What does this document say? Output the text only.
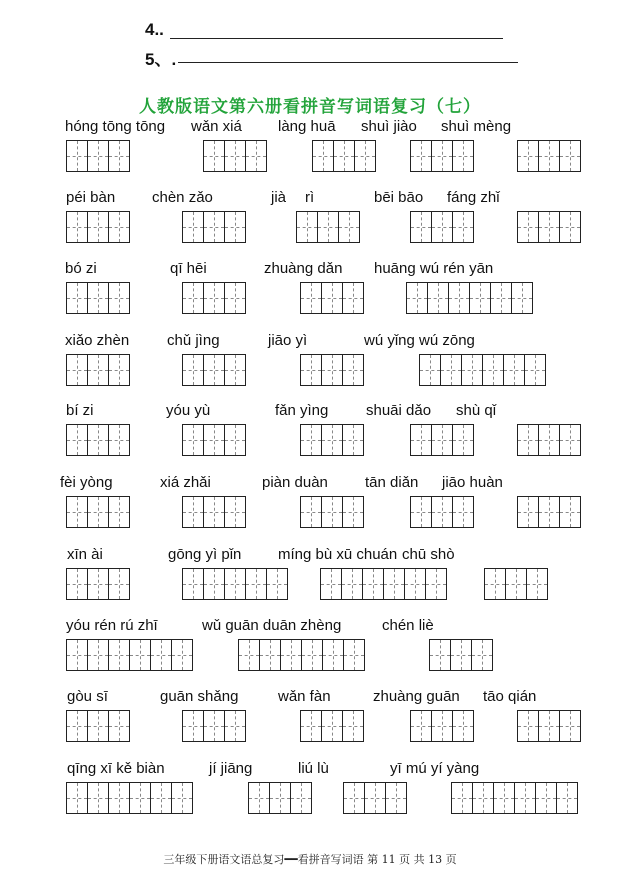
4..
5、.
人教版语文第六册看拼音写词语复习（七）
hóng tōng tōng wǎn xiá làng huā shuì jiào shuì mèng
péi bàn chèn zǎo	jià rì	bēi bāo fáng zhǐ
bó zi	qī hēi	zhuàng dǎn huāng wú rén yān
xiǎo zhèn	chǔ jìng	jiāo yì	wú yǐng wú zōng
bí zi	yóu yù	fǎn yìng	shuāi dǎo shù qǐ
fèi yòng	xiá zhǎi	piàn duàn tān diǎn jiāo huàn
xīn ài	gōng yì pǐn míng bù xū chuán chū shò
yóu rén rú zhī	wǔ guān duān zhèng	chén liè
gòu sī	guān shǎng	wǎn fàn	zhuàng guān tāo qián
qīng xī kě biàn	jí jiāng	liú lù	yī mú yí yàng
三年级下册语文语总复习━━看拼音写词语 第 11 页 共 13 页
